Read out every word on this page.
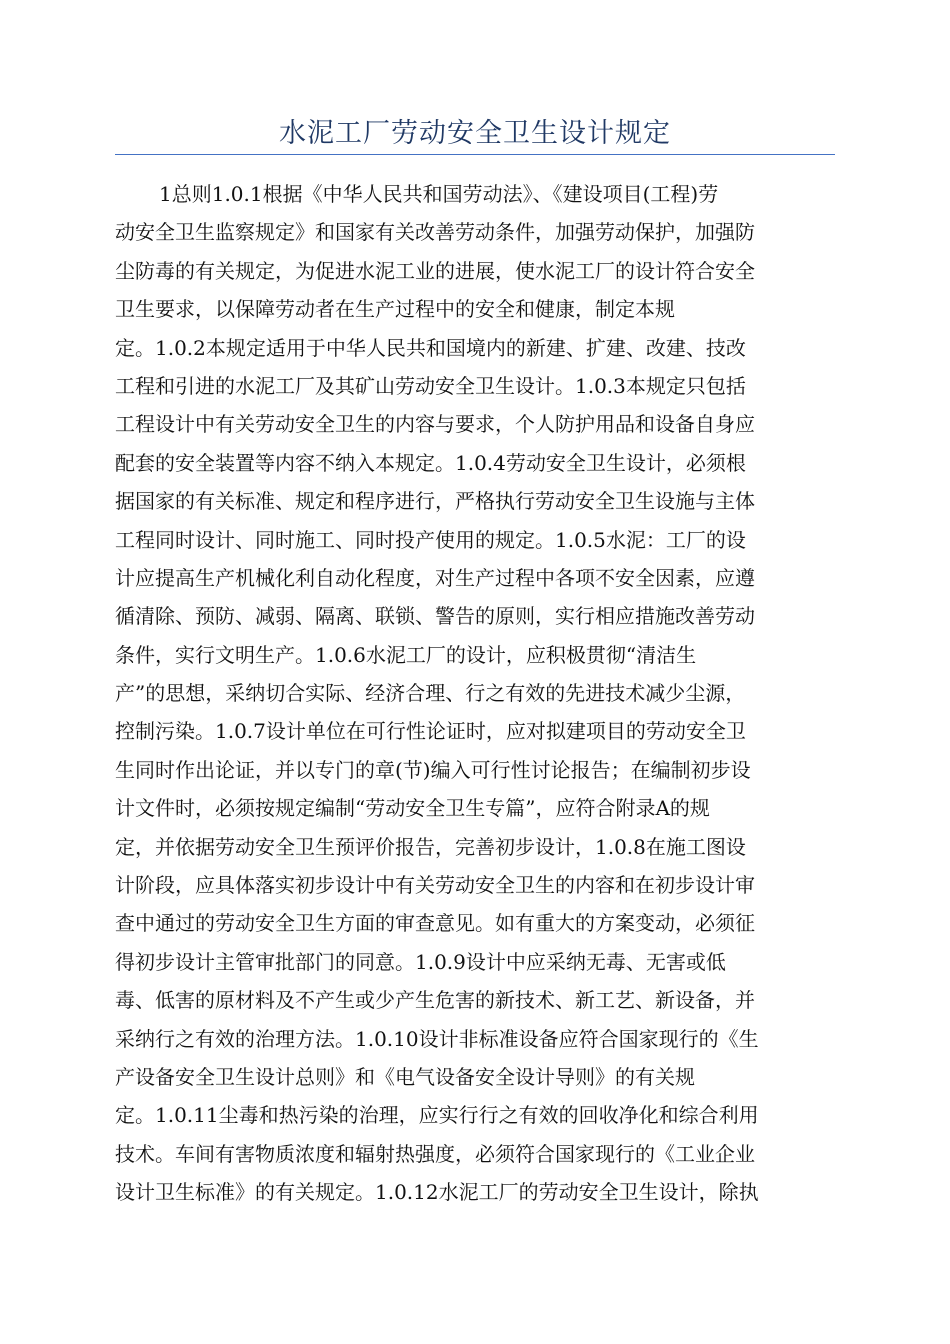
水泥工厂劳动安全卫生设计规定
1总则1.0.1根据《中华人民共和国劳动法》、《建设项目(工程)劳
动安全卫生监察规定》和国家有关改善劳动条件，加强劳动保护，加强防
尘防毒的有关规定，为促进水泥工业的进展，使水泥工厂的设计符合安全
卫生要求，以保障劳动者在生产过程中的安全和健康，制定本规
定。1.0.2本规定适用于中华人民共和国境内的新建、扩建、改建、技改
工程和引进的水泥工厂及其矿山劳动安全卫生设计。1.0.3本规定只包括
工程设计中有关劳动安全卫生的内容与要求，个人防护用品和设备自身应
配套的安全装置等内容不纳入本规定。1.0.4劳动安全卫生设计，必须根
据国家的有关标准、规定和程序进行，严格执行劳动安全卫生设施与主体
工程同时设计、同时施工、同时投产使用的规定。1.0.5水泥：工厂的设
计应提高生产机械化利自动化程度，对生产过程中各项不安全因素，应遵
循清除、预防、减弱、隔离、联锁、警告的原则，实行相应措施改善劳动
条件，实行文明生产。1.0.6水泥工厂的设计，应积极贯彻“清洁生
产”的思想，采纳切合实际、经济合理、行之有效的先进技术减少尘源，
控制污染。1.0.7设计单位在可行性论证时，应对拟建项目的劳动安全卫
生同时作出论证，并以专门的章(节)编入可行性讨论报告；在编制初步设
计文件时，必须按规定编制“劳动安全卫生专篇”，应符合附录A的规
定，并依据劳动安全卫生预评价报告，完善初步设计，1.0.8在施工图设
计阶段，应具体落实初步设计中有关劳动安全卫生的内容和在初步设计审
查中通过的劳动安全卫生方面的审查意见。如有重大的方案变动，必须征
得初步设计主管审批部门的同意。1.0.9设计中应采纳无毒、无害或低
毒、低害的原材料及不产生或少产生危害的新技术、新工艺、新设备，并
采纳行之有效的治理方法。1.0.10设计非标准设备应符合国家现行的《生
产设备安全卫生设计总则》和《电气设备安全设计导则》的有关规
定。1.0.11尘毒和热污染的治理，应实行行之有效的回收净化和综合利用
技术。车间有害物质浓度和辐射热强度，必须符合国家现行的《工业企业
设计卫生标准》的有关规定。1.0.12水泥工厂的劳动安全卫生设计，除执
